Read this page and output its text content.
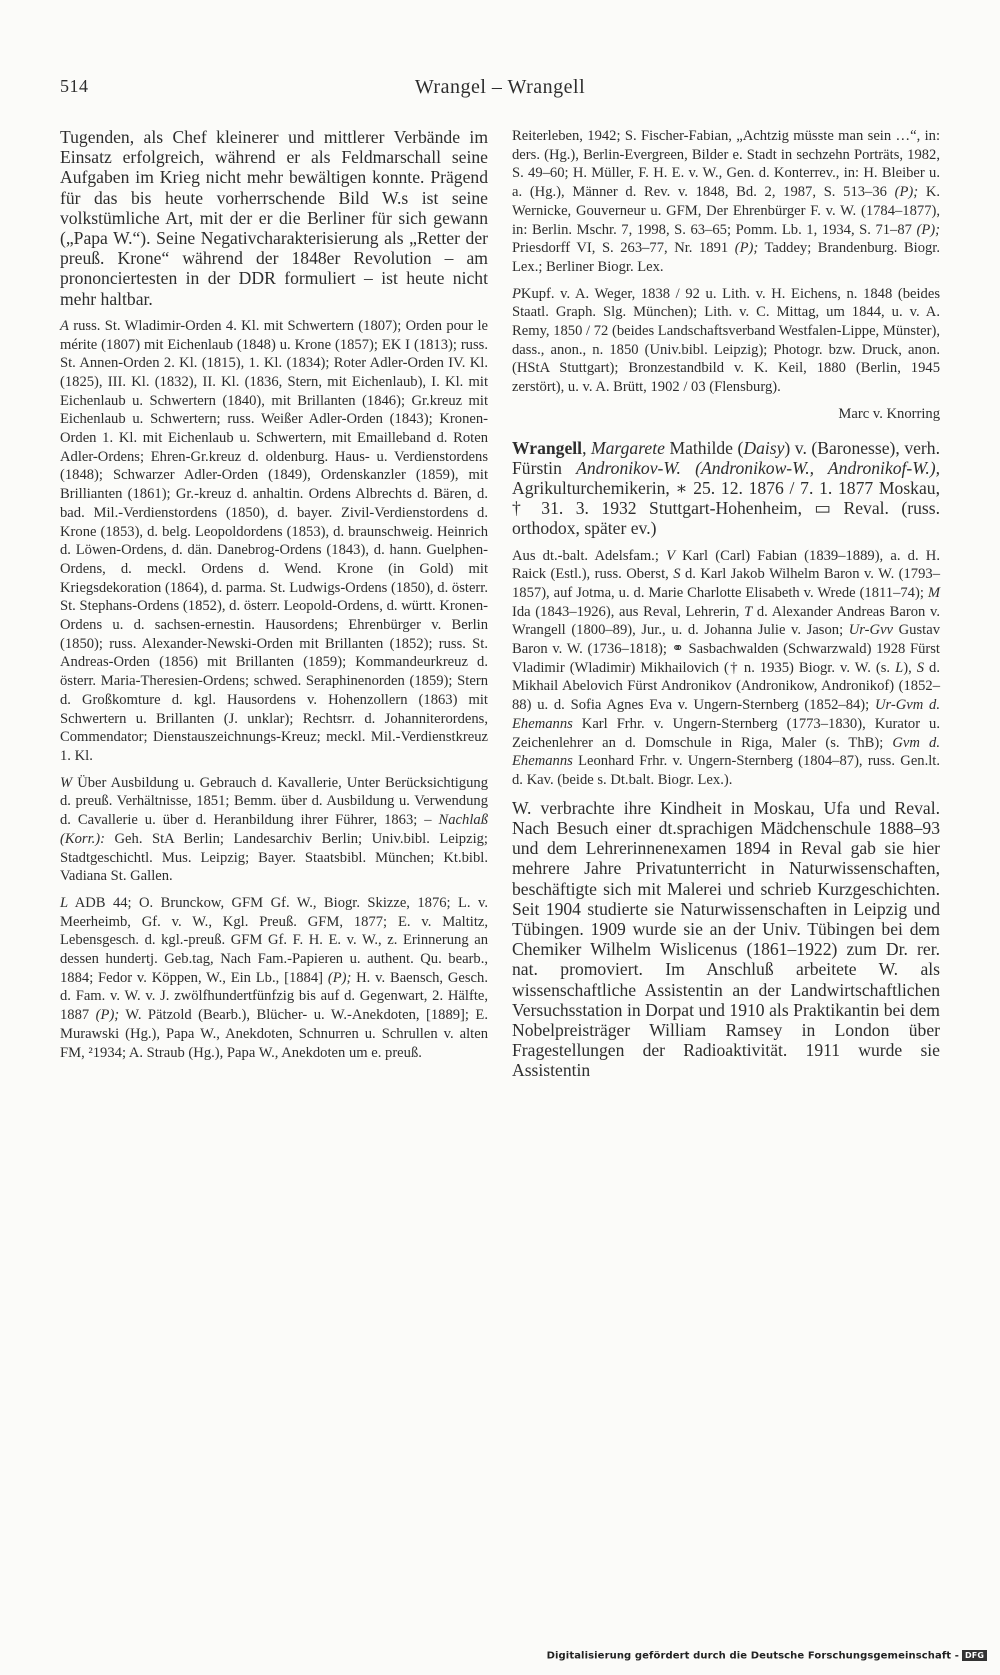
514	Wrangel – Wrangell

Tugenden, als Chef kleinerer und mittlerer Verbände im Einsatz erfolgreich, während er als Feldmarschall seine Aufgaben im Krieg nicht mehr bewältigen konnte. Prägend für das bis heute vorherrschende Bild W.s ist seine volkstümliche Art, mit der er die Berliner für sich gewann („Papa W.“). Seine Negativcharakterisierung als „Retter der preuß. Krone“ während der 1848er Revolution – am prononciertesten in der DDR formuliert – ist heute nicht mehr haltbar.

A russ. St. Wladimir-Orden 4. Kl. mit Schwertern (1807); Orden pour le mérite (1807) mit Eichenlaub (1848) u. Krone (1857); EK I (1813); russ. St. Annen-Orden 2. Kl. (1815), 1. Kl. (1834); Roter Adler-Orden IV. Kl. (1825), III. Kl. (1832), II. Kl. (1836, Stern, mit Eichenlaub), I. Kl. mit Eichenlaub u. Schwertern (1840), mit Brillanten (1846); Gr.kreuz mit Eichenlaub u. Schwertern; russ. Weißer Adler-Orden (1843); Kronen-Orden 1. Kl. mit Eichenlaub u. Schwertern, mit Emailleband d. Roten Adler-Ordens; Ehren-Gr.kreuz d. oldenburg. Haus- u. Verdienstordens (1848); Schwarzer Adler-Orden (1849), Ordenskanzler (1859), mit Brillianten (1861); Gr.-kreuz d. anhaltin. Ordens Albrechts d. Bären, d. bad. Mil.-Verdienstordens (1850), d. bayer. Zivil-Verdienstordens d. Krone (1853), d. belg. Leopoldordens (1853), d. braunschweig. Heinrich d. Löwen-Ordens, d. dän. Danebrog-Ordens (1843), d. hann. Guelphen-Ordens, d. meckl. Ordens d. Wend. Krone (in Gold) mit Kriegsdekoration (1864), d. parma. St. Ludwigs-Ordens (1850), d. österr. St. Stephans-Ordens (1852), d. österr. Leopold-Ordens, d. württ. Kronen-Ordens u. d. sachsen-ernestin. Hausordens; Ehrenbürger v. Berlin (1850); russ. Alexander-Newski-Orden mit Brillanten (1852); russ. St. Andreas-Orden (1856) mit Brillanten (1859); Kommandeurkreuz d. österr. Maria-Theresien-Ordens; schwed. Seraphinenorden (1859); Stern d. Großkomture d. kgl. Hausordens v. Hohenzollern (1863) mit Schwertern u. Brillanten (J. unklar); Rechtsrr. d. Johanniterordens, Commendator; Dienstauszeichnungs-Kreuz; meckl. Mil.-Verdienstkreuz 1. Kl.

W Über Ausbildung u. Gebrauch d. Kavallerie, Unter Berücksichtigung d. preuß. Verhältnisse, 1851; Bemm. über d. Ausbildung u. Verwendung d. Cavallerie u. über d. Heranbildung ihrer Führer, 1863; – Nachlaß (Korr.): Geh. StA Berlin; Landesarchiv Berlin; Univ.bibl. Leipzig; Stadtgeschichtl. Mus. Leipzig; Bayer. Staatsbibl. München; Kt.bibl. Vadiana St. Gallen.

L ADB 44; O. Brunckow, GFM Gf. W., Biogr. Skizze, 1876; L. v. Meerheimb, Gf. v. W., Kgl. Preuß. GFM, 1877; E. v. Maltitz, Lebensgesch. d. kgl.-preuß. GFM Gf. F. H. E. v. W., z. Erinnerung an dessen hundertj. Geb.tag, Nach Fam.-Papieren u. authent. Qu. bearb., 1884; Fedor v. Köppen, W., Ein Lb., [1884] (P); H. v. Baensch, Gesch. d. Fam. v. W. v. J. zwölfhundertfünfzig bis auf d. Gegenwart, 2. Hälfte, 1887 (P); W. Pätzold (Bearb.), Blücher- u. W.-Anekdoten, [1889]; E. Murawski (Hg.), Papa W., Anekdoten, Schnurren u. Schrullen v. alten FM, ²1934; A. Straub (Hg.), Papa W., Anekdoten um e. preuß.

Reiterleben, 1942; S. Fischer-Fabian, „Achtzig müsste man sein …“, in: ders. (Hg.), Berlin-Evergreen, Bilder e. Stadt in sechzehn Porträts, 1982, S. 49–60; H. Müller, F. H. E. v. W., Gen. d. Konterrev., in: H. Bleiber u. a. (Hg.), Männer d. Rev. v. 1848, Bd. 2, 1987, S. 513–36 (P); K. Wernicke, Gouverneur u. GFM, Der Ehrenbürger F. v. W. (1784–1877), in: Berlin. Mschr. 7, 1998, S. 63–65; Pomm. Lb. 1, 1934, S. 71–87 (P); Priesdorff VI, S. 263–77, Nr. 1891 (P); Taddey; Brandenburg. Biogr. Lex.; Berliner Biogr. Lex.

PKupf. v. A. Weger, 1838 / 92 u. Lith. v. H. Eichens, n. 1848 (beides Staatl. Graph. Slg. München); Lith. v. C. Mittag, um 1844, u. v. A. Remy, 1850 / 72 (beides Landschaftsverband Westfalen-Lippe, Münster), dass., anon., n. 1850 (Univ.bibl. Leipzig); Photogr. bzw. Druck, anon. (HStA Stuttgart); Bronzestandbild v. K. Keil, 1880 (Berlin, 1945 zerstört), u. v. A. Brütt, 1902 / 03 (Flensburg).

Marc v. Knorring

Wrangell, Margarete Mathilde (Daisy) v. (Baronesse), verh. Fürstin Andronikov-W. (Andronikow-W., Andronikof-W.), Agrikulturchemikerin, ∗ 25. 12. 1876 / 7. 1. 1877 Moskau, † 31. 3. 1932 Stuttgart-Hohenheim, ▭ Reval. (russ. orthodox, später ev.)

Aus dt.-balt. Adelsfam.; V Karl (Carl) Fabian (1839–1889), a. d. H. Raick (Estl.), russ. Oberst, S d. Karl Jakob Wilhelm Baron v. W. (1793–1857), auf Jotma, u. d. Marie Charlotte Elisabeth v. Wrede (1811–74); M Ida (1843–1926), aus Reval, Lehrerin, T d. Alexander Andreas Baron v. Wrangell (1800–89), Jur., u. d. Johanna Julie v. Jason; Ur-Gvv Gustav Baron v. W. (1736–1818); ⚭ Sasbachwalden (Schwarzwald) 1928 Fürst Vladimir (Wladimir) Mikhailovich († n. 1935) Biogr. v. W. (s. L), S d. Mikhail Abelovich Fürst Andronikov (Andronikow, Andronikof) (1852–88) u. d. Sofia Agnes Eva v. Ungern-Sternberg (1852–84); Ur-Gvm d. Ehemanns Karl Frhr. v. Ungern-Sternberg (1773–1830), Kurator u. Zeichenlehrer an d. Domschule in Riga, Maler (s. ThB); Gvm d. Ehemanns Leonhard Frhr. v. Ungern-Sternberg (1804–87), russ. Gen.lt. d. Kav. (beide s. Dt.balt. Biogr. Lex.).

W. verbrachte ihre Kindheit in Moskau, Ufa und Reval. Nach Besuch einer dt.sprachigen Mädchenschule 1888–93 und dem Lehrerinnenexamen 1894 in Reval gab sie hier mehrere Jahre Privatunterricht in Naturwissenschaften, beschäftigte sich mit Malerei und schrieb Kurzgeschichten. Seit 1904 studierte sie Naturwissenschaften in Leipzig und Tübingen. 1909 wurde sie an der Univ. Tübingen bei dem Chemiker Wilhelm Wislicenus (1861–1922) zum Dr. rer. nat. promoviert. Im Anschluß arbeitete W. als wissenschaftliche Assistentin an der Landwirtschaftlichen Versuchsstation in Dorpat und 1910 als Praktikantin bei dem Nobelpreisträger William Ramsey in London über Fragestellungen der Radioaktivität. 1911 wurde sie Assistentin

Digitalisierung gefördert durch die Deutsche Forschungsgemeinschaft - DFG
